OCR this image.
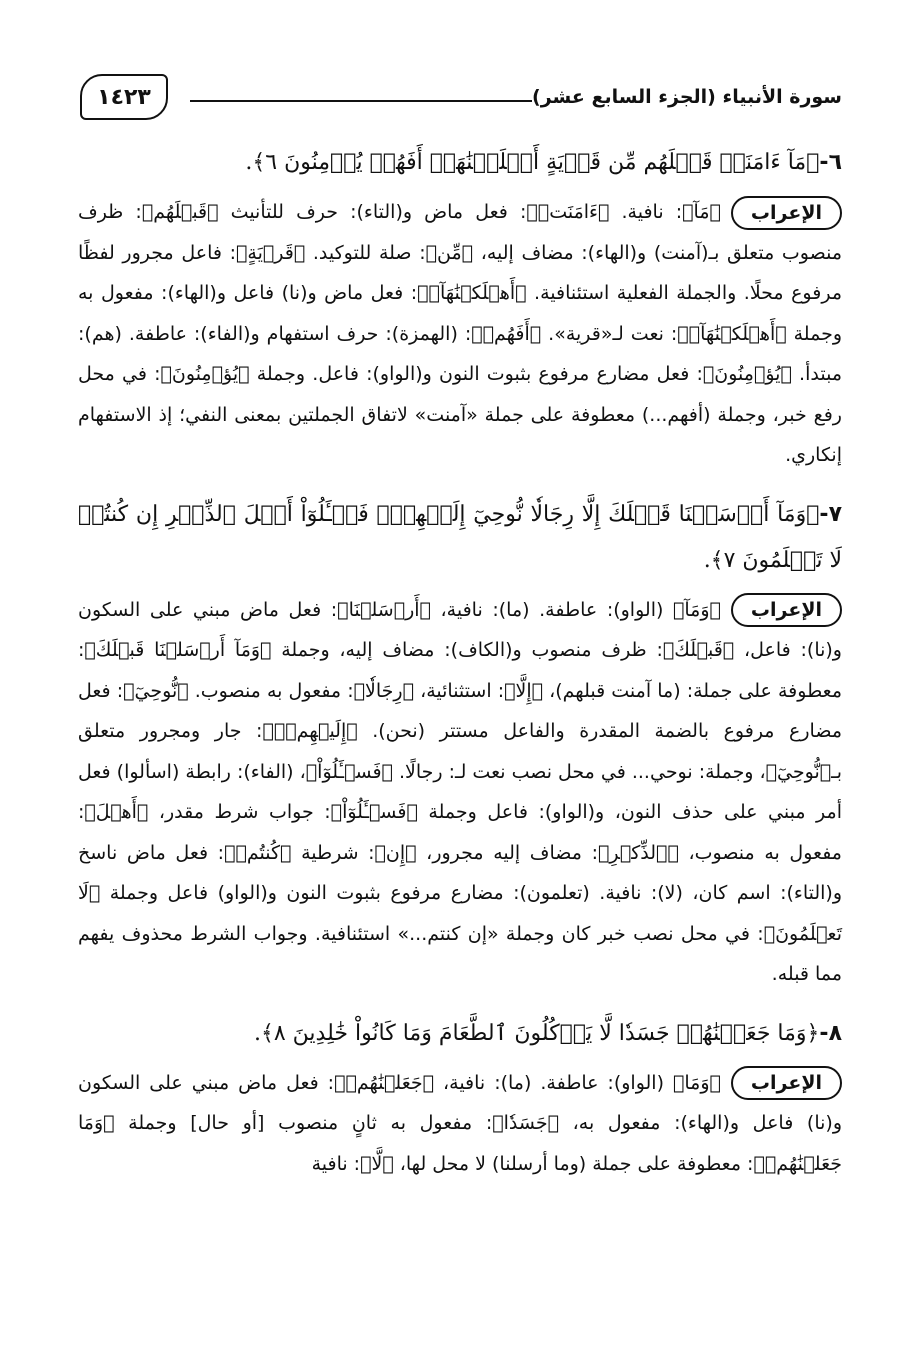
سورة الأنبياء (الجزء السابع عشر)
١٤٢٣

٦-﴿مَآ ءَامَنَتۡ قَبۡلَهُم مِّن قَرۡيَةٍ أَهۡلَكۡنَٰهَآۖ أَفَهُمۡ يُؤۡمِنُونَ ٦﴾.

الإعراب﴿مَآ﴾: نافية. ﴿ءَامَنَتۡ﴾: فعل ماض و(التاء): حرف للتأنيث ﴿قَبۡلَهُم﴾: ظرف منصوب متعلق بـ(آمنت) و(الهاء): مضاف إليه، ﴿مِّن﴾: صلة للتوكيد. ﴿قَرۡيَةٍ﴾: فاعل مجرور لفظًا مرفوع محلًا. والجملة الفعلية استئنافية. ﴿أَهۡلَكۡنَٰهَآۖ﴾: فعل ماض و(نا) فاعل و(الهاء): مفعول به وجملة ﴿أَهۡلَكۡنَٰهَآۖ﴾: نعت لـ«قرية». ﴿أَفَهُمۡ﴾: (الهمزة): حرف استفهام و(الفاء): عاطفة. (هم): مبتدأ. ﴿يُؤۡمِنُونَ﴾: فعل مضارع مرفوع بثبوت النون و(الواو): فاعل. وجملة ﴿يُؤۡمِنُونَ﴾: في محل رفع خبر، وجملة (أفهم...) معطوفة على جملة «آمنت» لاتفاق الجملتين بمعنى النفي؛ إذ الاستفهام إنكاري.

٧-﴿وَمَآ أَرۡسَلۡنَا قَبۡلَكَ إِلَّا رِجَالٗا نُّوحِيٓ إِلَيۡهِمۡۖ فَسۡـَٔلُوٓاْ أَهۡلَ ٱلذِّكۡرِ إِن كُنتُمۡ لَا تَعۡلَمُونَ ٧﴾.

الإعراب﴿وَمَآ﴾ (الواو): عاطفة. (ما): نافية، ﴿أَرۡسَلۡنَا﴾: فعل ماض مبني على السكون و(نا): فاعل، ﴿قَبۡلَكَ﴾: ظرف منصوب و(الكاف): مضاف إليه، وجملة ﴿وَمَآ أَرۡسَلۡنَا قَبۡلَكَ﴾: معطوفة على جملة: (ما آمنت قبلهم)، ﴿إِلَّا﴾: استثنائية، ﴿رِجَالٗا﴾: مفعول به منصوب. ﴿نُّوحِيٓ﴾: فعل مضارع مرفوع بالضمة المقدرة والفاعل مستتر (نحن). ﴿إِلَيۡهِمۡۖ﴾: جار ومجرور متعلق بـ﴿نُّوحِيٓ﴾، وجملة: نوحي... في محل نصب نعت لـ: رجالًا. ﴿فَسۡـَٔلُوٓاْ﴾، (الفاء): رابطة (اسألوا) فعل أمر مبني على حذف النون، و(الواو): فاعل وجملة ﴿فَسۡـَٔلُوٓاْ﴾: جواب شرط مقدر، ﴿أَهۡلَ﴾: مفعول به منصوب، ﴿ٱلذِّكۡرِ﴾: مضاف إليه مجرور، ﴿إِن﴾: شرطية ﴿كُنتُمۡ﴾: فعل ماض ناسخ و(التاء): اسم كان، (لا): نافية. (تعلمون): مضارع مرفوع بثبوت النون و(الواو) فاعل وجملة ﴿لَا تَعۡلَمُونَ﴾: في محل نصب خبر كان وجملة «إن كنتم...» استئنافية. وجواب الشرط محذوف يفهم مما قبله.

٨-﴿وَمَا جَعَلۡنَٰهُمۡ جَسَدٗا لَّا يَأۡكُلُونَ ٱلطَّعَامَ وَمَا كَانُواْ خَٰلِدِينَ ٨﴾.

الإعراب﴿وَمَا﴾ (الواو): عاطفة. (ما): نافية، ﴿جَعَلۡنَٰهُمۡ﴾: فعل ماض مبني على السكون و(نا) فاعل و(الهاء): مفعول به، ﴿جَسَدٗا﴾: مفعول به ثانٍ منصوب [أو حال] وجملة ﴿وَمَا جَعَلۡنَٰهُمۡ﴾: معطوفة على جملة (وما أرسلنا) لا محل لها، ﴿لَّا﴾: نافية
